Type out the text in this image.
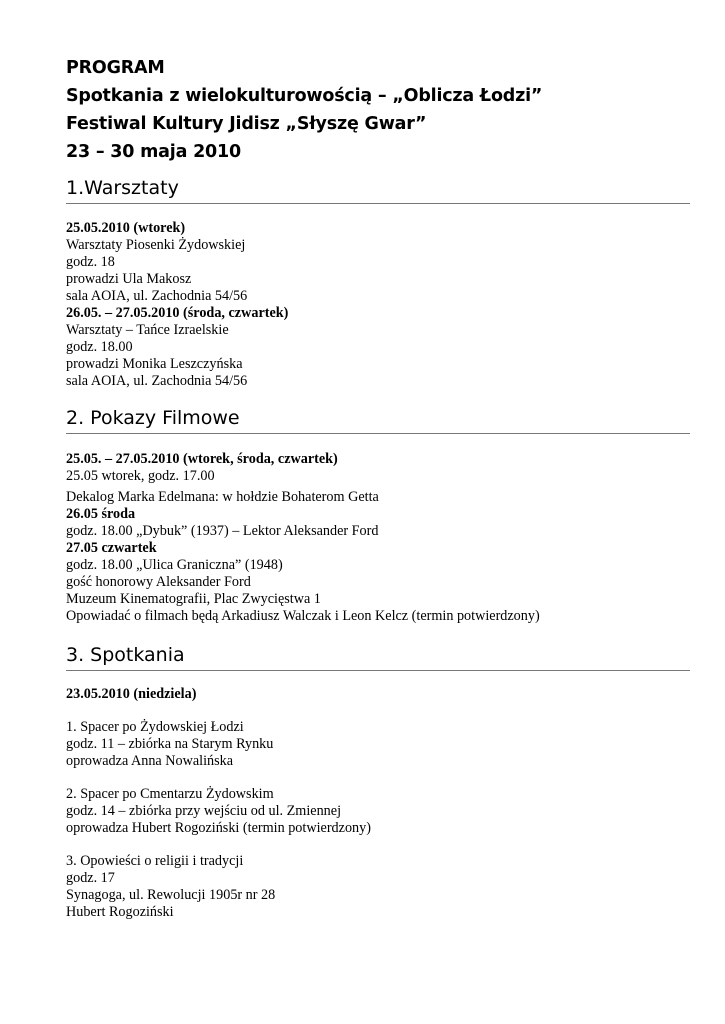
PROGRAM
Spotkania z wielokulturowością – „Oblicza Łodzi”
Festiwal Kultury Jidisz „Słyszę Gwar”
23 – 30 maja 2010
1.Warsztaty
25.05.2010 (wtorek)
Warsztaty Piosenki Żydowskiej
godz. 18
prowadzi Ula Makosz
sala AOIA, ul. Zachodnia 54/56
26.05. – 27.05.2010 (środa, czwartek)
Warsztaty – Tańce Izraelskie
godz. 18.00
prowadzi Monika Leszczyńska
sala AOIA, ul. Zachodnia 54/56
2. Pokazy Filmowe
25.05. – 27.05.2010 (wtorek, środa, czwartek)
25.05 wtorek, godz. 17.00
Dekalog Marka Edelmana: w hołdzie Bohaterom Getta
26.05 środa
godz. 18.00 „Dybuk” (1937) – Lektor Aleksander Ford
27.05 czwartek
godz. 18.00 „Ulica Graniczna” (1948)
gość honorowy Aleksander Ford
Muzeum Kinematografii, Plac Zwycięstwa 1
Opowiadać o filmach będą Arkadiusz Walczak i Leon Kelcz (termin potwierdzony)
3. Spotkania
23.05.2010 (niedziela)
1. Spacer po Żydowskiej Łodzi
godz. 11 – zbiórka na Starym Rynku
oprowadza Anna Nowalińska
2. Spacer po Cmentarzu Żydowskim
godz. 14 – zbiórka przy wejściu od ul. Zmiennej
oprowadza Hubert Rogoziński (termin potwierdzony)
3. Opowieści o religii i tradycji
godz. 17
Synagoga, ul. Rewolucji 1905r nr 28
Hubert Rogoziński
